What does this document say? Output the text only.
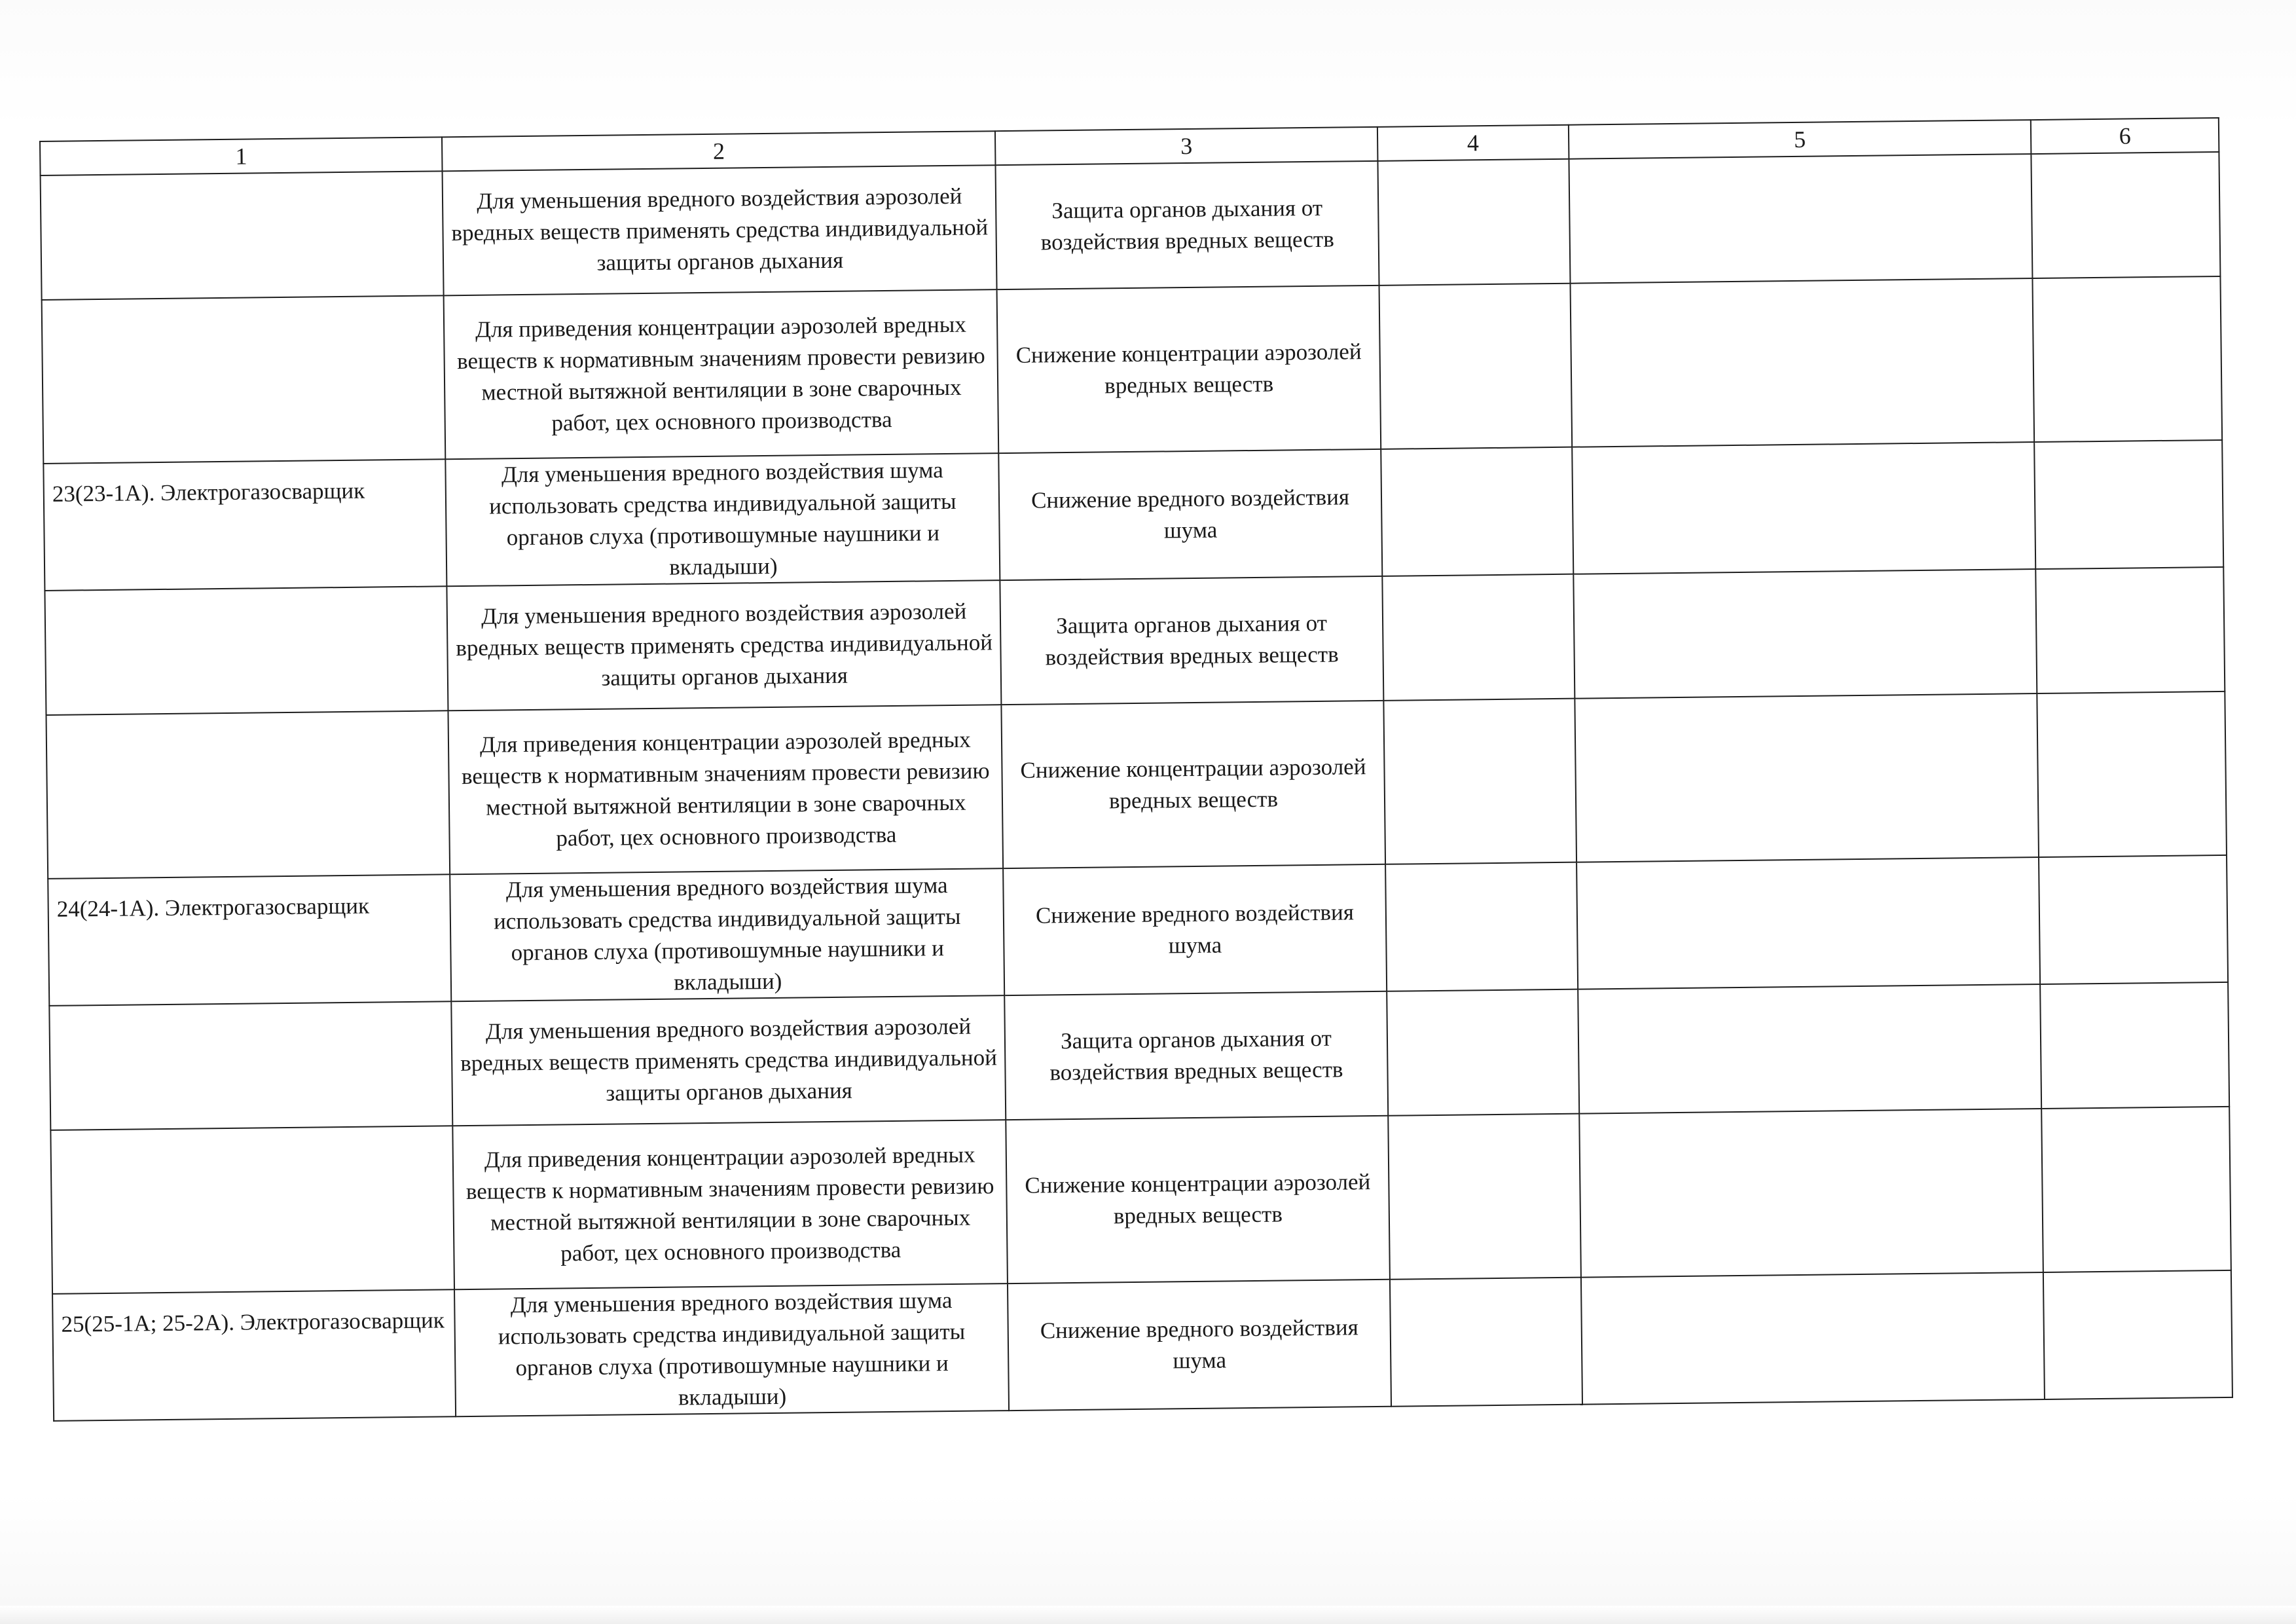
1	2	3	4	5	6
	Для уменьшения вредного воздействия аэрозолей вредных веществ применять средства индивидуальной защиты органов дыхания	Защита органов дыхания от воздействия вредных веществ			
	Для приведения концентрации аэрозолей вредных веществ к нормативным значениям провести ревизию местной вытяжной вентиляции в зоне сварочных работ, цех основного производства	Снижение концентрации аэрозолей вредных веществ			
23(23-1А). Электрогазосварщик	Для уменьшения вредного воздействия шума использовать средства индивидуальной защиты органов слуха (противошумные наушники и вкладыши)	Снижение вредного воздействия шума			
	Для уменьшения вредного воздействия аэрозолей вредных веществ применять средства индивидуальной защиты органов дыхания	Защита органов дыхания от воздействия вредных веществ			
	Для приведения концентрации аэрозолей вредных веществ к нормативным значениям провести ревизию местной вытяжной вентиляции в зоне сварочных работ, цех основного производства	Снижение концентрации аэрозолей вредных веществ			
24(24-1А). Электрогазосварщик	Для уменьшения вредного воздействия шума использовать средства индивидуальной защиты органов слуха (противошумные наушники и вкладыши)	Снижение вредного воздействия шума			
	Для уменьшения вредного воздействия аэрозолей вредных веществ применять средства индивидуальной защиты органов дыхания	Защита органов дыхания от воздействия вредных веществ			
	Для приведения концентрации аэрозолей вредных веществ к нормативным значениям провести ревизию местной вытяжной вентиляции в зоне сварочных работ, цех основного производства	Снижение концентрации аэрозолей вредных веществ			
25(25-1А; 25-2А). Электрогазосварщик	Для уменьшения вредного воздействия шума использовать средства индивидуальной защиты органов слуха (противошумные наушники и вкладыши)	Снижение вредного воздействия шума			
